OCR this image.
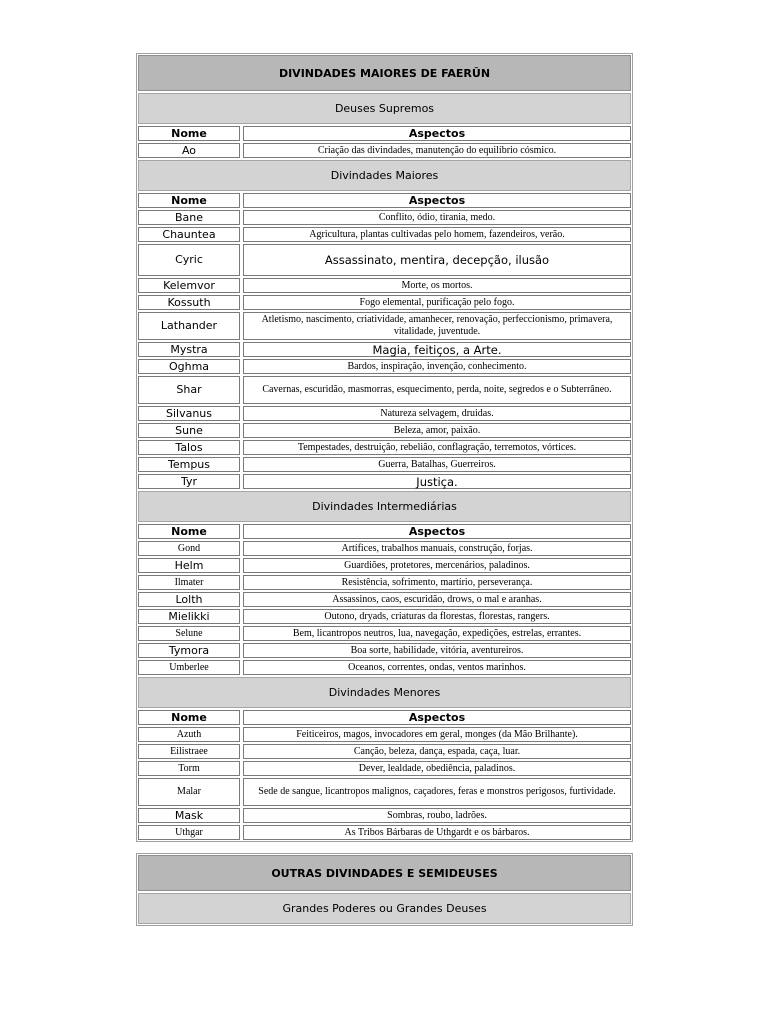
DIVINDADES MAIORES DE FAERÛN
Deuses Supremos
Nome	Aspectos
Ao	Criação das divindades, manutenção do equilíbrio cósmico.
Divindades Maiores
Nome	Aspectos
Bane	Conflito, ódio, tirania, medo.
Chauntea	Agricultura, plantas cultivadas pelo homem, fazendeiros, verão.
Cyric	Assassinato, mentira, decepção, ilusão
Kelemvor	Morte, os mortos.
Kossuth	Fogo elemental, purificação pelo fogo.
Lathander	Atletismo, nascimento, criatividade, amanhecer, renovação, perfeccionismo, primavera, vitalidade, juventude.
Mystra	Magia, feitiços, a Arte.
Oghma	Bardos, inspiração, invenção, conhecimento.
Shar	Cavernas, escuridão, masmorras, esquecimento, perda, noite, segredos e o Subterrâneo.
Silvanus	Natureza selvagem, druidas.
Sune	Beleza, amor, paixão.
Talos	Tempestades, destruição, rebelião, conflagração, terremotos, vórtices.
Tempus	Guerra, Batalhas, Guerreiros.
Tyr	Justiça.
Divindades Intermediárias
Nome	Aspectos
Gond	Artífices, trabalhos manuais, construção, forjas.
Helm	Guardiões, protetores, mercenários, paladinos.
Ilmater	Resistência, sofrimento, martírio, perseverança.
Lolth	Assassinos, caos, escuridão, drows, o mal e aranhas.
Mielikki	Outono, dryads, criaturas da florestas, florestas, rangers.
Selune	Bem, licantropos neutros, lua, navegação, expedições, estrelas, errantes.
Tymora	Boa sorte, habilidade, vitória, aventureiros.
Umberlee	Oceanos, correntes, ondas, ventos marinhos.
Divindades Menores
Nome	Aspectos
Azuth	Feiticeiros, magos, invocadores em geral, monges (da Mão Brilhante).
Eilistraee	Canção, beleza, dança, espada, caça, luar.
Torm	Dever, lealdade, obediência, paladinos.
Malar	Sede de sangue, licantropos malignos, caçadores, feras e monstros perigosos, furtividade.
Mask	Sombras, roubo, ladrões.
Uthgar	As Tribos Bárbaras de Uthgardt e os bárbaros.
OUTRAS DIVINDADES E SEMIDEUSES
Grandes Poderes ou Grandes Deuses
